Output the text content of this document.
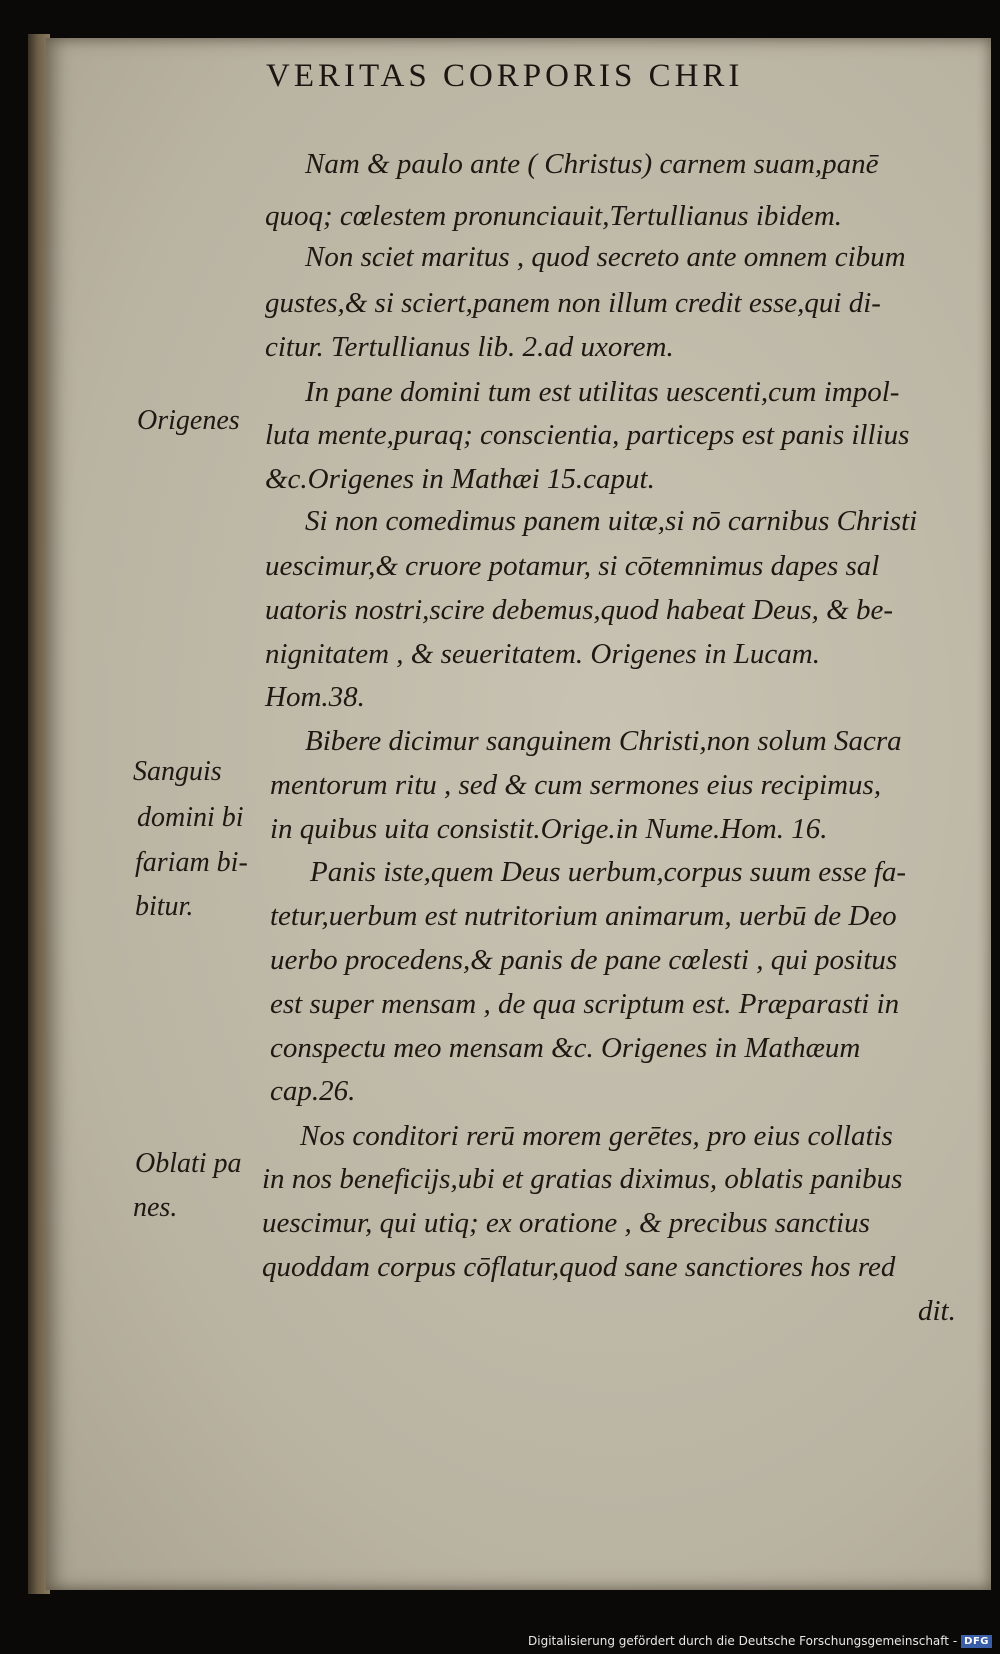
VERITAS CORPORIS CHRI
Nam & paulo ante ( Christus) carnem suam,panē
quoq; cœlestem pronunciauit,Tertullianus ibidem.
Non sciet maritus , quod secreto ante omnem cibum
gustes,& si sciert,panem non illum credit esse,qui di-
citur. Tertullianus lib. 2.ad uxorem.
In pane domini tum est utilitas uescenti,cum impol-
luta mente,puraq; conscientia, particeps est panis illius
&c.Origenes in Mathæi 15.caput.
Si non comedimus panem uitæ,si nō carnibus Christi
uescimur,& cruore potamur, si cōtemnimus dapes sal
uatoris nostri,scire debemus,quod habeat Deus, & be-
nignitatem , & seueritatem. Origenes in Lucam.
Hom.38.
Bibere dicimur sanguinem Christi,non solum Sacra
mentorum ritu , sed & cum sermones eius recipimus,
in quibus uita consistit.Orige.in Nume.Hom. 16.
Panis iste,quem Deus uerbum,corpus suum esse fa-
tetur,uerbum est nutritorium animarum, uerbū de Deo
uerbo procedens,& panis de pane cœlesti , qui positus
est super mensam , de qua scriptum est. Præparasti in
conspectu meo mensam &c. Origenes in Mathæum
cap.26.
Nos conditori rerū morem gerētes, pro eius collatis
in nos beneficijs,ubi et gratias diximus, oblatis panibus
uescimur, qui utiq; ex oratione , & precibus sanctius
quoddam corpus cōflatur,quod sane sanctiores hos red
dit.
Origenes
Sanguis
domini bi
fariam bi-
bitur.
Oblati pa
nes.
Digitalisierung gefördert durch die Deutsche Forschungsgemeinschaft - DFG
